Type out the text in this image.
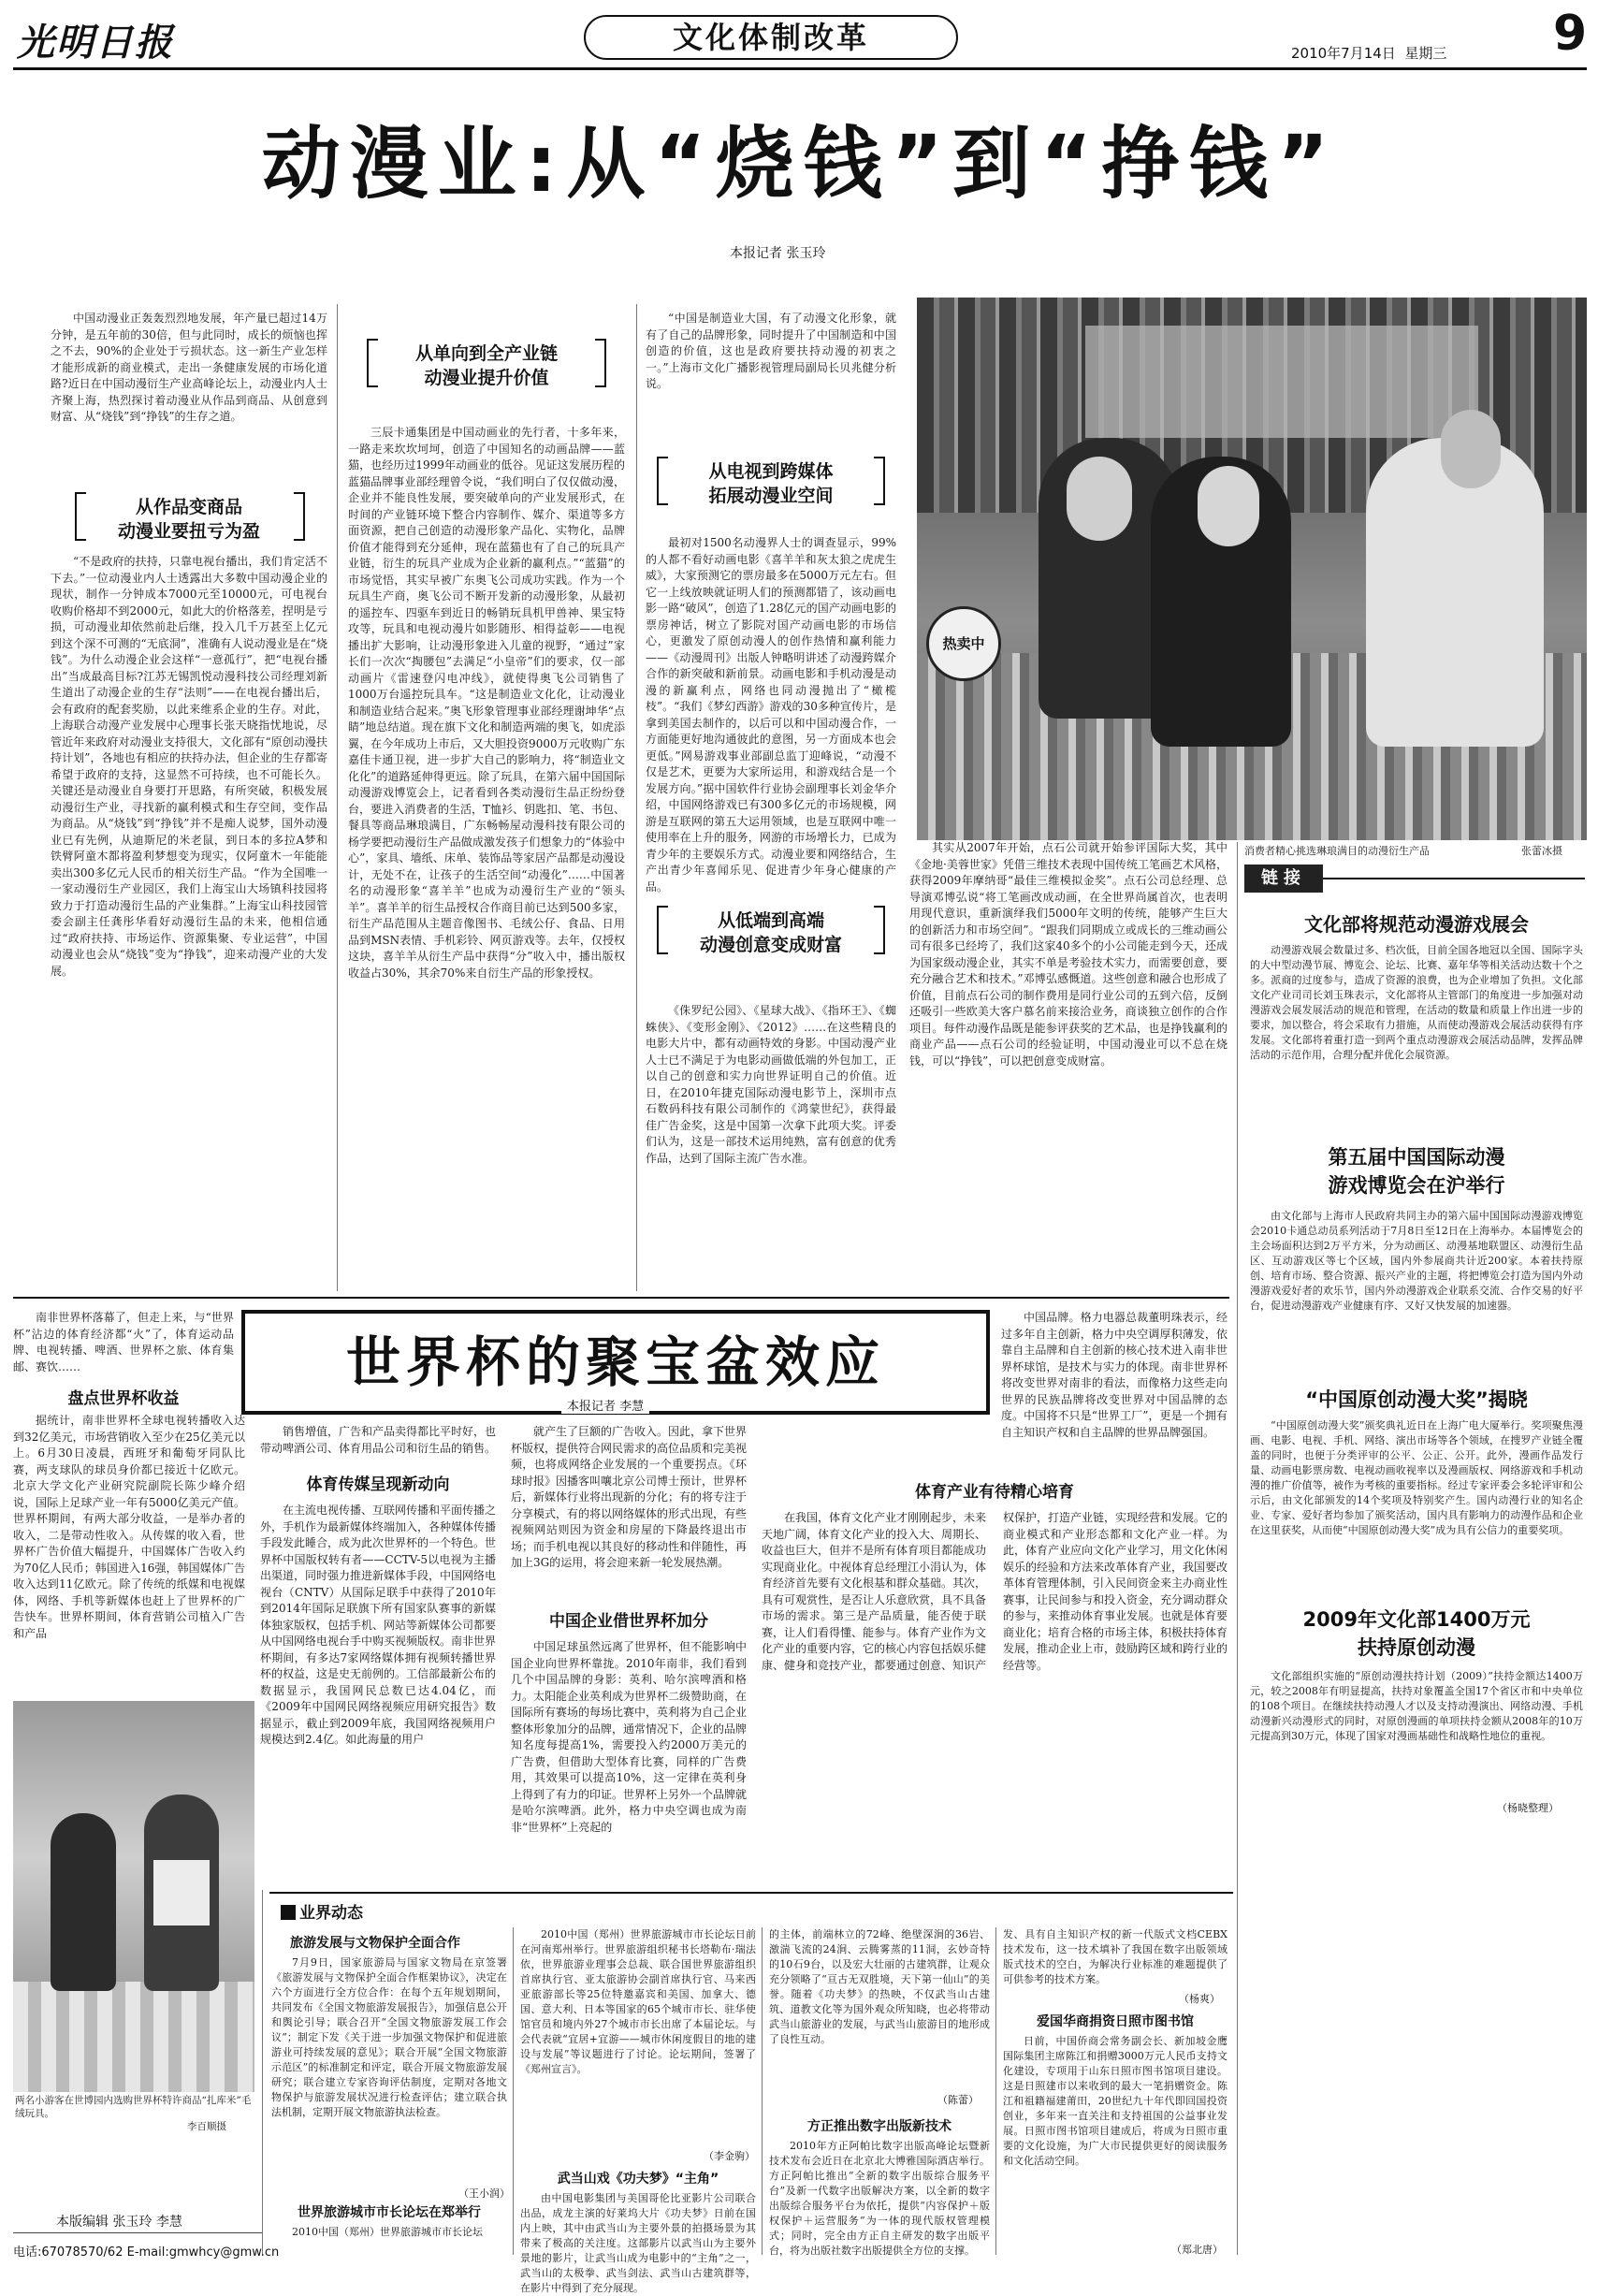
光明日报	文化体制改革	2010年7月14日 星期三 9
动漫业:从“烧钱”到“挣钱”
本报记者 张玉玲
中国动漫业正轰轰烈烈地发展，年产量已超过14万分钟，是五年前的30倍，但与此同时，成长的烦恼也挥之不去，90%的企业处于亏损状态。这一新生产业怎样才能形成新的商业模式，走出一条健康发展的市场化道路?近日在中国动漫衍生产业高峰论坛上，动漫业内人士齐聚上海，热烈探讨着动漫业从作品到商品、从创意到财富、从“烧钱”到“挣钱”的生存之道。
从作品变商品
动漫业要扭亏为盈
“不是政府的扶持，只靠电视台播出，我们肯定活不下去。”一位动漫业内人士透露出大多数中国动漫企业的现状，制作一分钟成本7000元至10000元，可电视台收购价格却不到2000元，如此大的价格落差，捏明是亏损，可动漫业却依然前赴后继，投入几千万甚至上亿元到这个深不可测的“无底洞”，准确有人说动漫业是在“烧钱”。为什么动漫企业会这样“一意孤行”，把“电视台播出”当成最高目标?江苏无锡凯悦动漫科技公司经理刘新生道出了动漫企业的生存“法则”——在电视台播出后，会有政府的配套奖励，以此来维系企业的生存。对此，上海联合动漫产业发展中心理事长张天晓指忧地说，尽管近年来政府对动漫业支持很大，文化部有“原创动漫扶持计划”，各地也有相应的扶持办法，但企业的生存都寄希望于政府的支持，这显然不可持续，也不可能长久。关键还是动漫业自身要打开思路，有所突破，积极发展动漫衍生产业，寻找新的赢利模式和生存空间，变作品为商品。从“烧钱”到“挣钱”并不是痴人说梦，国外动漫业已有先例，从迪斯尼的米老鼠，到日本的多拉A梦和铁臂阿童木都将盈利梦想变为现实，仅阿童木一年能能卖出300多亿元人民币的相关衍生产品。“作为全国唯一一家动漫衍生产业园区，我们上海宝山大场镇科技园将致力于打造动漫衍生品的产业集群。”上海宝山科技园管委会副主任龚彤华看好动漫衍生品的未来，他相信通过“政府扶持、市场运作、资源集聚、专业运营”，中国动漫业也会从“烧钱”变为“挣钱”，迎来动漫产业的大发展。
从单向到全产业链
动漫业提升价值
三辰卡通集团是中国动画业的先行者，十多年来，一路走来坎坎坷坷，创造了中国知名的动画品牌——蓝猫，也经历过1999年动画业的低谷。见证这发展历程的蓝猫品牌事业部经理曾令说，“我们明白了仅仅做动漫，企业并不能良性发展，要突破单向的产业发展形式，在时间的产业链环境下整合内容制作、媒介、渠道等多方面资源，把自己创造的动漫形象产品化、实物化，品牌价值才能得到充分延伸，现在蓝猫也有了自己的玩具产业链，衍生的玩具产业成为企业新的赢利点。”“蓝猫”的市场觉悟，其实早被广东奥飞公司成功实践。作为一个玩具生产商，奥飞公司不断开发新的动漫形象，从最初的遥控车、四驱车到近日的畅销玩具机甲兽神、果宝特攻等，玩具和电视动漫片如影随形、相得益彰——电视播出扩大影响，让动漫形象进入儿童的视野，“通过”家长们一次次“掏腰包”去满足“小皇帝”们的要求，仅一部动画片《雷速登闪电冲线》，就使得奥飞公司销售了1000万台遥控玩具车。“这是制造业文化化，让动漫业和制造业结合起来。”奥飞形象管理事业部经理谢坤华“点睛”地总结道。现在旗下文化和制造两端的奥飞，如虎添翼，在今年成功上市后，又大胆投资9000万元收购广东嘉佳卡通卫视，进一步扩大自己的影响力，将“制造业文化化”的道路延伸得更远。除了玩具，在第六届中国国际动漫游戏博览会上，记者看到各类动漫衍生品正纷纷登台，要进入消费者的生活，T恤衫、钥匙扣、笔、书包、餐具等商品琳琅满目，广东畅畅屋动漫科技有限公司的杨学要把动漫衍生产品做成激发孩子们想象力的“体验中心”，家具、墙纸、床单、装饰品等家居产品都是动漫设计，无处不在，让孩子的生活空间“动漫化”……中国著名的动漫形象“喜羊羊”也成为动漫衍生产业的“领头羊”。喜羊羊的衍生品授权合作商目前已达到500多家，衍生产品范围从主题音像图书、毛绒公仔、食品、日用品到MSN表情、手机彩铃、网页游戏等。去年，仅授权这块，喜羊羊从衍生产品中获得“分”收入中，播出版权收益占30%，其余70%来自衍生产品的形象授权。
“中国是制造业大国，有了动漫文化形象，就有了自己的品牌形象，同时提升了中国制造和中国创造的价值，这也是政府要扶持动漫的初衷之一。”上海市文化广播影视管理局副局长贝兆健分析说。
从电视到跨媒体
拓展动漫业空间
最初对1500名动漫界人士的调查显示，99%的人都不看好动画电影《喜羊羊和灰太狼之虎虎生威》，大家预测它的票房最多在5000万元左右。但它一上线放映就证明人们的预测都错了，该动画电影一路“破风”，创造了1.28亿元的国产动画电影的票房神话，树立了影院对国产动画电影的市场信心，更激发了原创动漫人的创作热情和赢利能力——《动漫周刊》出版人钟略明讲述了动漫跨媒介合作的新突破和新前景。动画电影和手机动漫是动漫的新赢利点，网络也同动漫抛出了“橄榄枝”。“我们《梦幻西游》游戏的30多种宣传片，是拿到美国去制作的，以后可以和中国动漫合作，一方面能更好地沟通彼此的意图，另一方面成本也会更低。”网易游戏事业部副总监丁迎峰说，“动漫不仅是艺术，更要为大家所运用，和游戏结合是一个发展方向。”据中国软件行业协会副理事长刘金华介绍，中国网络游戏已有300多亿元的市场规模，网游是互联网的第五大运用领域，也是互联网中唯一使用率在上升的服务，网游的市场增长力，已成为青少年的主要娱乐方式。动漫业要和网络结合，生产出青少年喜闻乐见、促进青少年身心健康的产品。
从低端到高端
动漫创意变成财富
《侏罗纪公园》、《星球大战》、《指环王》、《蜘蛛侠》、《变形金刚》、《2012》……在这些精良的电影大片中，都有动画特效的身影。中国动漫产业人士已不满足于为电影动画做低端的外包加工，正以自己的创意和实力向世界证明自己的价值。近日，在2010年捷克国际动漫电影节上，深圳市点石数码科技有限公司制作的《鸿蒙世纪》，获得最佳广告金奖，这是中国第一次拿下此项大奖。评委们认为，这是一部技术运用纯熟，富有创意的优秀作品，达到了国际主流广告水准。
热卖中
消费者精心挑选琳琅满目的动漫衍生产品	张蕾冰摄
其实从2007年开始，点石公司就开始参评国际大奖，其中《金地·美蓉世家》凭借三维技术表现中国传统工笔画艺术风格，获得2009年摩纳哥“最佳三维模拟金奖”。点石公司总经理、总导演邓博弘说“将工笔画改成动画，在全世界尚属首次，也表明用现代意识，重新演绎我们5000年文明的传统，能够产生巨大的创新活力和市场空间”。“跟我们同期成立或成长的三维动画公司有很多已经垮了，我们这家40多个的小公司能走到今天，还成为国家级动漫企业，其实不单是考验技术实力，而需要创意，要充分融合艺术和技术。”邓博弘感慨道。这些创意和融合也形成了价值，目前点石公司的制作费用是同行业公司的五到六倍，反倒还吸引一些欧美大客户慕名前来接洽业务，商谈独立创作的合作项目。每件动漫作品既是能参评获奖的艺术品，也是挣钱赢利的商业产品——点石公司的经验证明，中国动漫业可以不总在烧钱，可以“挣钱”，可以把创意变成财富。
链接
文化部将规范动漫游戏展会
动漫游戏展会数量过多、档次低，目前全国各地冠以全国、国际字头的大中型动漫节展、博览会、论坛、比赛、嘉年华等相关活动达数十个之多。派商的过度参与，造成了资源的浪费，也为企业增加了负担。文化部文化产业司司长刘玉珠表示，文化部将从主管部门的角度进一步加强对动漫游戏会展发展活动的规范和管理，在活动的数量和质量上作出进一步的要求，加以整合，将会采取有力措施，从而使动漫游戏会展活动获得有序发展。文化部将着重打造一到两个重点动漫游戏会展活动品牌，发挥品牌活动的示范作用，合理分配并优化会展资源。
第五届中国国际动漫
游戏博览会在沪举行
由文化部与上海市人民政府共同主办的第六届中国国际动漫游戏博览会2010卡通总动员系列活动于7月8日至12日在上海举办。本届博览会的主会场面积达到2万平方米，分为动画区、动漫基地联盟区、动漫衍生品区、互动游戏区等七个区域，国内外参展商共计近200家。本着扶持原创、培育市场、整合资源、振兴产业的主题，将把博览会打造为国内外动漫游戏爱好者的欢乐节，国内外动漫游戏企业联系交流、合作交易的好平台，促进动漫游戏产业健康有序、又好又快发展的加速器。
“中国原创动漫大奖”揭晓
“中国原创动漫大奖”颁奖典礼近日在上海广电大厦举行。奖项聚焦漫画、电影、电视、手机、网络、演出市场等各个领域，在搜罗产业链全覆盖的同时，也便于分类评审的公平、公正、公开。此外，漫画作品发行量、动画电影票房数、电视动画收视率以及漫画版权、网络游戏和手机动漫的推广价值等，被作为考核的重要指标。经过专家评委会多轮评审和公示后，由文化部颁发的14个奖项及特别奖产生。国内动漫行业的知名企业、专家、爱好者均参加了颁奖活动，国内具有影响力的动漫作品和企业在这里获奖，从而使“中国原创动漫大奖”成为具有公信力的重要奖项。
2009年文化部1400万元
扶持原创动漫
文化部组织实施的“原创动漫扶持计划（2009）”扶持金额达1400万元，较之2008年有明显提高，扶持对象覆盖全国17个省区市和中央单位的108个项目。在继续扶持动漫人才以及支持动漫演出、网络动漫、手机动漫新兴动漫形式的同时，对原创漫画的单项扶持金额从2008年的10万元提高到30万元，体现了国家对漫画基础性和战略性地位的重视。
（杨晓整理）
南非世界杯落幕了，但走上来，与“世界杯”沾边的体育经济都“火”了，体育运动品牌、电视转播、啤酒、世界杯之旅、体育集邮、赛饮……	世界杯的聚宝盆效应
本报记者 李慧
盘点世界杯收益
据统计，南非世界杯全球电视转播收入达到32亿美元，市场营销收入至少在25亿美元以上。6月30日凌晨，西班牙和葡萄牙同队比赛，两支球队的球员身价都已接近十亿欧元。北京大学文化产业研究院副院长陈少峰介绍说，国际上足球产业一年有5000亿美元产值。世界杯期间，有两大部分收益，一是举办者的收入，二是带动性收入。从传媒的收入看，世界杯广告价值大幅提升，中国媒体广告收入约为70亿人民币；韩国进入16强，韩国媒体广告收入达到11亿欧元。除了传统的纸媒和电视媒体，网络、手机等新媒体也赶上了世界杯的广告快车。世界杯期间，体育营销公司植入广告和产品
销售增值，广告和产品卖得都比平时好，也带动啤酒公司、体育用品公司和衍生品的销售。
体育传媒呈现新动向
在主流电视传播、互联网传播和平面传播之外，手机作为最新媒体终端加入，各种媒体传播手段发此睡合，成为此次世界杯的一个特色。世界杯中国版权转有者——CCTV-5以电视为主播出渠道，同时强力推进新媒体手段，中国网络电视台（CNTV）从国际足联手中获得了2010年到2014年国际足联旗下所有国家队赛事的新媒体独家版权，包括手机、网站等新媒体公司都要从中国网络电视台手中购买视频版权。南非世界杯期间，有多达7家网络媒体拥有视频转播世界杯的权益，这是史无前例的。工信部最新公布的数据显示，我国网民总数已达4.04亿，而《2009年中国网民网络视频应用研究报告》数据显示，截止到2009年底，我国网络视频用户规模达到2.4亿。如此海量的用户
就产生了巨额的广告收入。因此，拿下世界杯版权，提供符合网民需求的高位品质和完美视频，也将成网络企业发展的一个重要拐点。《环球时报》因播客叫嚷北京公司博士预计，世界杯后，新媒体行业将出现新的分化；有的将专注于分享模式，有的将以网络媒体的形式出现，有些视频网站则因为资金和房屋的下降最终退出市场；而手机电视以其良好的移动性和伴随性，再加上3G的运用，将会迎来新一轮发展热潮。
中国企业借世界杯加分
中国足球虽然远离了世界杯，但不能影响中国企业向世界杯靠拢。2010年南非，我们看到几个中国品牌的身影：英利、哈尔滨啤酒和格力。太阳能企业英利成为世界杯二级赞助商，在国际所有赛场的每场比赛中，英利将为自己企业整体形象加分的品牌，通常情况下，企业的品牌知名度每提高1%，需要投入约2000万美元的广告费，但借助大型体育比赛，同样的广告费用，其效果可以提高10%，这一定律在英利身上得到了有力的印证。世界杯上另外一个品牌就是哈尔滨啤酒。此外，格力中央空调也成为南非“世界杯”上亮起的
中国品牌。格力电器总裁董明珠表示，经过多年自主创新，格力中央空调厚积薄发，依靠自主品牌和自主创新的核心技术进入南非世界杯球馆，是技术与实力的体现。南非世界杯将改变世界对南非的看法，而像格力这些走向世界的民族品牌将改变世界对中国品牌的态度。中国将不只是“世界工厂”，更是一个拥有自主知识产权和自主品牌的世界品牌强国。
体育产业有待精心培育
在我国，体育文化产业才刚刚起步，未来天地广阔，体育文化产业的投入大、周期长、收益也巨大，但并不是所有体育项目都能成功实现商业化。中视体育总经理江小涓认为，体育经济首先要有文化根基和群众基础。其次，具有可观赏性，是否让人乐意欣赏，具不具备市场的需求。第三是产品质量，能否使于联赛，让人们看得懂、能参与。体育产业作为文化产业的重要内容，它的核心内容包括娱乐健康、健身和竞技产业，都要通过创意、知识产权保护，打造产业链，实现经营和发展。它的商业模式和产业形态都和文化产业一样。为此，体育产业应向文化产业学习，用文化休闲娱乐的经验和方法来改革体育产业，我国要改革体育管理体制，引入民间资金来主办商业性赛事，让民间参与和投入资金，充分调动群众的参与，来推动体育事业发展。也就是体育要商业化；培育合格的市场主体，积极扶持体育发展，推动企业上市，鼓励跨区域和跨行业的经营等。
两名小游客在世博园内选购世界杯特许商品“扎库米”毛绒玩具。
李百顺摄
业界动态
旅游发展与文物保护全面合作
7月9日，国家旅游局与国家文物局在京签署《旅游发展与文物保护全面合作框架协议》，决定在六个方面进行全方位合作：在每个五年规划期间，共同发布《全国文物旅游发展报告》，加强信息公开和舆论引导；联合召开“全国文物旅游发展工作会议”；制定下发《关于进一步加强文物保护和促进旅游业可持续发展的意见》；联合开展“全国文物旅游示范区”的标准制定和评定，联合开展文物旅游发展研究；联合建立专家咨询评估制度，定期对各地文物保护与旅游发展状况进行检查评估；建立联合执法机制，定期开展文物旅游执法检查。
（王小润）
世界旅游城市市长论坛在郑举行
2010中国（郑州）世界旅游城市市长论坛
2010中国（郑州）世界旅游城市市长论坛日前在河南郑州举行。世界旅游组织秘书长塔勒布·瑞法依，世界旅游业理事会总裁、联合国世界旅游组织首席执行官、亚太旅游协会副首席执行官、马来西亚旅游部长等25位特邀嘉宾和美国、加拿大、德国、意大利、日本等国家的65个城市市长、驻华使馆官员和境内外27个城市市长出席了本届论坛。与会代表就“宜居+宜游——城市休闲度假目的地的建设与发展”等议题进行了讨论。论坛期间，签署了《郑州宣言》。
（李金驹）
武当山戏《功夫梦》“主角”
由中国电影集团与美国哥伦比亚影片公司联合出品，成龙主演的好莱坞大片《功夫梦》日前在国内上映，其中由武当山为主要外景的拍摄场景为其带来了极高的关注度。这部影片以武当山为主要外景地的影片，让武当山成为电影中的“主角”之一，武当山的太极拳、武当剑法、武当山古建筑群等，在影片中得到了充分展现。
的主体，前端林立的72峰、绝壁深涧的36岩、激湍飞流的24涧、云腾雾蒸的11洞，玄妙奇特的10石9台，以及宏大壮丽的古建筑群，让观众充分领略了“亘古无双胜境，天下第一仙山”的美誉。随着《功夫梦》的热映，不仅武当山古建筑、道教文化等为国外观众所知晓，也必将带动武当山旅游业的发展，与武当山旅游目的地形成了良性互动。
（陈蕾）
方正推出数字出版新技术
2010年方正阿帕比数字出版高峰论坛暨新技术发布会近日在北京北大博雅国际酒店举行。方正阿帕比推出“全新的数字出版综合服务平台”及新一代数字出版解决方案，以全新的数字出版综合服务平台为依托，提供“内容保护＋版权保护＋运营服务”为一体的现代版权管理模式；同时，完全由方正自主研发的数字出版平台，将为出版社数字出版提供全方位的支撑。
发、具有自主知识产权的新一代版式文档CEBX技术发布，这一技术填补了我国在数字出版领域版式技术的空白，为解决行业标准的难题提供了可供参考的技术方案。
（杨爽）
爱国华商捐资日照市图书馆
日前，中国侨商会常务副会长、新加坡金鹰国际集团主席陈江和捐赠3000万元人民币支持文化建设，专项用于山东日照市图书馆项目建设。这是日照建市以来收到的最大一笔捐赠资金。陈江和祖籍福建莆田，20世纪九十年代即回国投资创业，多年来一直关注和支持祖国的公益事业发展。日照市图书馆项目建成后，将成为日照市重要的文化设施，为广大市民提供更好的阅读服务和文化活动空间。
（郑北唐）
本版编辑 张玉玲 李慧
电话:67078570/62 E-mail:gmwhcy@gmw.cn
